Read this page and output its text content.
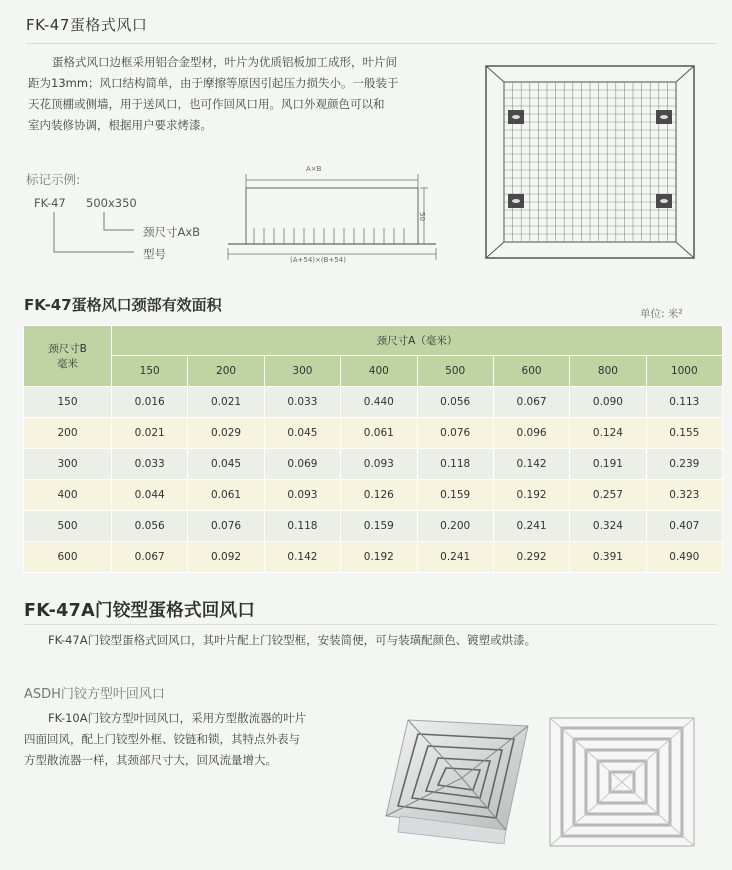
FK-47蛋格式风口
蛋格式风口边框采用铝合金型材，叶片为优质铝板加工成形，叶片间
距为13mm；风口结构简单，由于摩擦等原因引起压力损失小。一般装于
天花顶棚或侧墙，用于送风口，也可作回风口用。风口外观颜色可以和
室内装修协调，根据用户要求烤漆。
标记示例:
FK-47 500x350
颈尺寸AxB
型号
A×B
50
(A+54)×(B+54)
FK-47蛋格风口颈部有效面积	单位: 米²
颈尺寸B
毫米	颈尺寸A（毫米）							
	150	200	300	400	500	600	800	1000
150	0.016	0.021	0.033	0.440	0.056	0.067	0.090	0.113
200	0.021	0.029	0.045	0.061	0.076	0.096	0.124	0.155
300	0.033	0.045	0.069	0.093	0.118	0.142	0.191	0.239
400	0.044	0.061	0.093	0.126	0.159	0.192	0.257	0.323
500	0.056	0.076	0.118	0.159	0.200	0.241	0.324	0.407
600	0.067	0.092	0.142	0.192	0.241	0.292	0.391	0.490
FK-47A门铰型蛋格式回风口
FK-47A门铰型蛋格式回风口，其叶片配上门铰型框，安装简便，可与装璜配颜色、镀塑或烘漆。
ASDH门铰方型叶回风口
FK-10A门铰方型叶回风口，采用方型散流器的叶片
四面回风，配上门铰型外框、铰链和锁，其特点外表与
方型散流器一样，其颈部尺寸大，回风流量增大。
